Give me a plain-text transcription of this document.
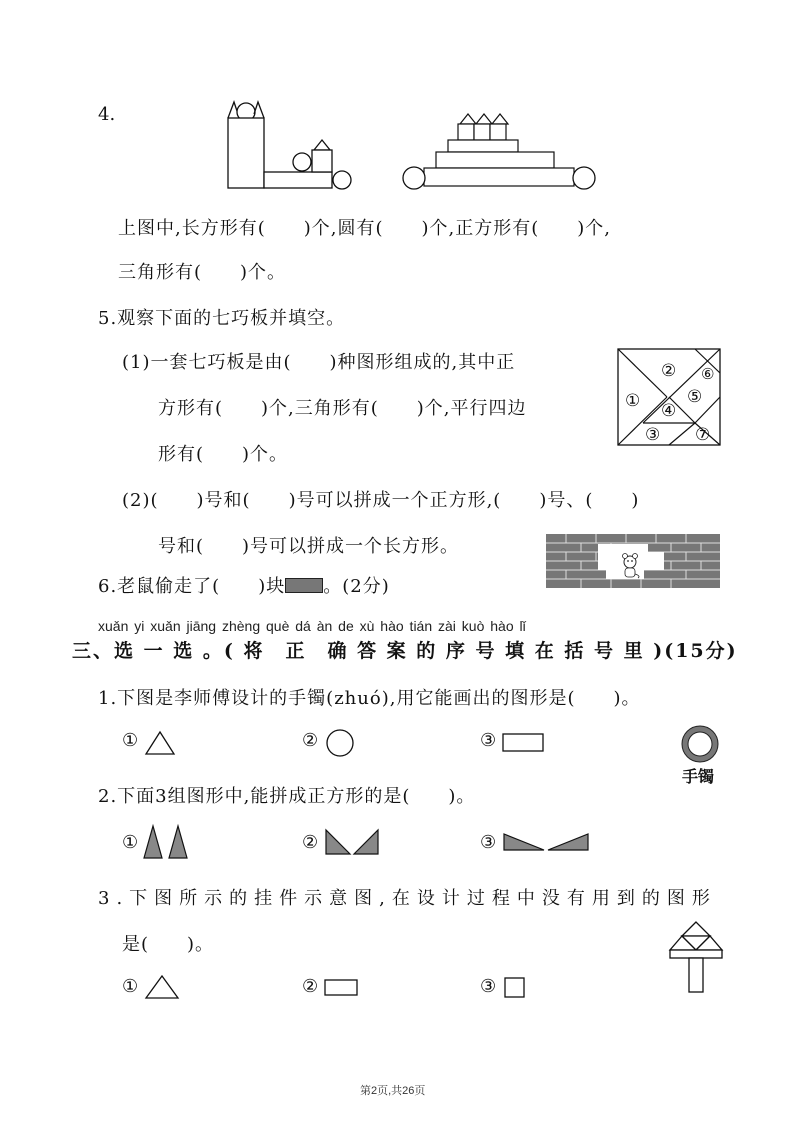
4.
上图中,长方形有(　　)个,圆有(　　)个,正方形有(　　)个,
三角形有(　　)个。
5.观察下面的七巧板并填空。
(1)一套七巧板是由(　　)种图形组成的,其中正
方形有(　　)个,三角形有(　　)个,平行四边
形有(　　)个。
② ⑥
⑤
① ④
③ ⑦
(2)(　　)号和(　　)号可以拼成一个正方形,(　　)号、(　　)
号和(　　)号可以拼成一个长方形。
6.老鼠偷走了(　　)块 。(2分)
xuǎn yi xuǎn jiāng zhèng què dá àn de xù hào tián zài kuò hào lǐ
三、选 一 选 。( 将　正　确 答 案 的 序 号 填 在 括 号 里 )(15分)
1.下图是李师傅设计的手镯(zhuó),用它能画出的图形是(　　)。
①	②	③
手镯
2.下面3组图形中,能拼成正方形的是(　　)。
①	②	③
3.下图所示的挂件示意图,在设计过程中没有用到的图形
是(　　)。
①	②	③
第2页,共26页
